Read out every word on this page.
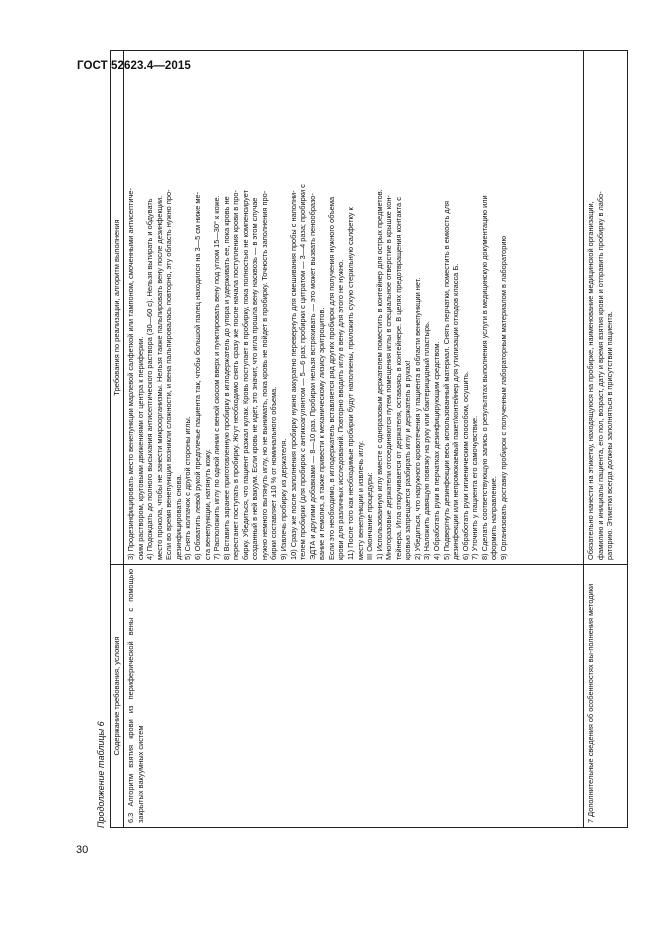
ГОСТ 52623.4—2015
30
Продолжение таблицы 6
Содержание требования, условия
Требования по реализации, алгоритм выполнения
6.3 Алгоритм взятия крови из периферической вены с помощью закрытых вакуумных систем
3) Продезинфицировать место венепункции марлевой салфеткой или тампоном, смоченными антисептиче- ским раствором, круговыми движениями от центра к периферии. 4) Подождать до полного высыхания антисептического раствора (30—60 с). Нельзя вытирать и обдувать место прокола, чтобы не занести микроорганизмы. Нельзя также пальпировать вену после дезинфекции. Если во время венепункции возникли сложности, и вена пальпировалась повторно, эту область нужно про- дезинфицировать снова. 5) Снять колпачок с другой стороны иглы. 6) Обхватить левой рукой предплечье пациента так, чтобы большой палец находился на 3—5 см ниже ме- ста венепункции, натянуть кожу. 7) Расположить иглу по одной линии с веной скосом вверх и пунктировать вену под углом 15—30° к коже. 8) Вставить заранее приготовленную пробирку в иглодержатель до упора и удерживать ее, пока кровь не перестанет поступать в пробирку. Жгут необходимо снять сразу же после начала поступления крови в про- бирку. Убедиться, что пациент разжал кулак. Кровь поступает в пробирку, пока полностью не компенсирует созданный в ней вакуум. Если кровь не идет, это значит, что игла прошла вену насквозь — в этом случае нужно немного вытянуть иглу, но не вынимать, пока кровь не пойдет в пробирку. Точность заполнения про- бирки составляет ±10 % от номинального объема. 9) Извлечь пробирку из держателя. 10) Сразу же после заполнения пробирку нужно аккуратно перевернуть для смешивания пробы с наполни- телем пробирки (для пробирок с антикоагулянтом — 5—6 раз; пробирки с цитратом — 3—4 раза; пробирки с ЭДТА и другими добавками — 8—10 раз. Пробирки нельзя встряхивать — это может вызвать пенообразо- вание и гемолиз, а также привести к механическому лизису эритроцитов. Если это необходимо, в иглодержатель вставляется ряд других пробирок для получения нужного объема крови для различных исследований. Повторно вводить иглу в вену для этого не нужно. 11) После того как необходимые пробирки будут наполнены, приложить сухую стерильную салфетку к месту венепункции и извлечь иглу. III Окончание процедуры: 1) Использованную иглу вместе с одноразовым держателем поместить в контейнер для острых предметов. Многоразовые держатели отсоединяются путем помещения иглы в специальное отверстие в крышке кон- тейнера. Игла откручивается от держателя, оставаясь в контейнере. В целях предотвращения контакта с кровью запрещается разбирать иглу и держатель в руках! 2) Убедиться, что наружного кровотечения у пациента в области венепункции нет. 3) Наложить давящую повязку на руку или бактерицидный пластырь. 4) Обработать руки в перчатках дезинфицирующим средством. 5) Подвергнуть дезинфекции весь использованный материал. Снять перчатки, поместить в емкость для дезинфекции или непромокаемый пакет/контейнер для утилизации отходов класса Б. 6) Обработать руки гигиеническим способом, осушить. 7) Уточнить у пациента его самочувствие. 8) Сделать соответствующую запись о результатах выполнения услуги в медицинскую документацию или оформить направление. 9) Организовать доставку пробирок с полученным лабораторным материалом в лабораторию
7 Дополнительные сведения об особенностях вы-полнения методики
Обязательно нанести на этикетку, находящуюся на пробирке, наименование медицинской организации, фамилию и инициалы пациента, его пол, возраст, дату и время взятия крови и отправить пробирку в лабо- раторию. Этикетки всегда должны заполняться в присутствии пациента.
